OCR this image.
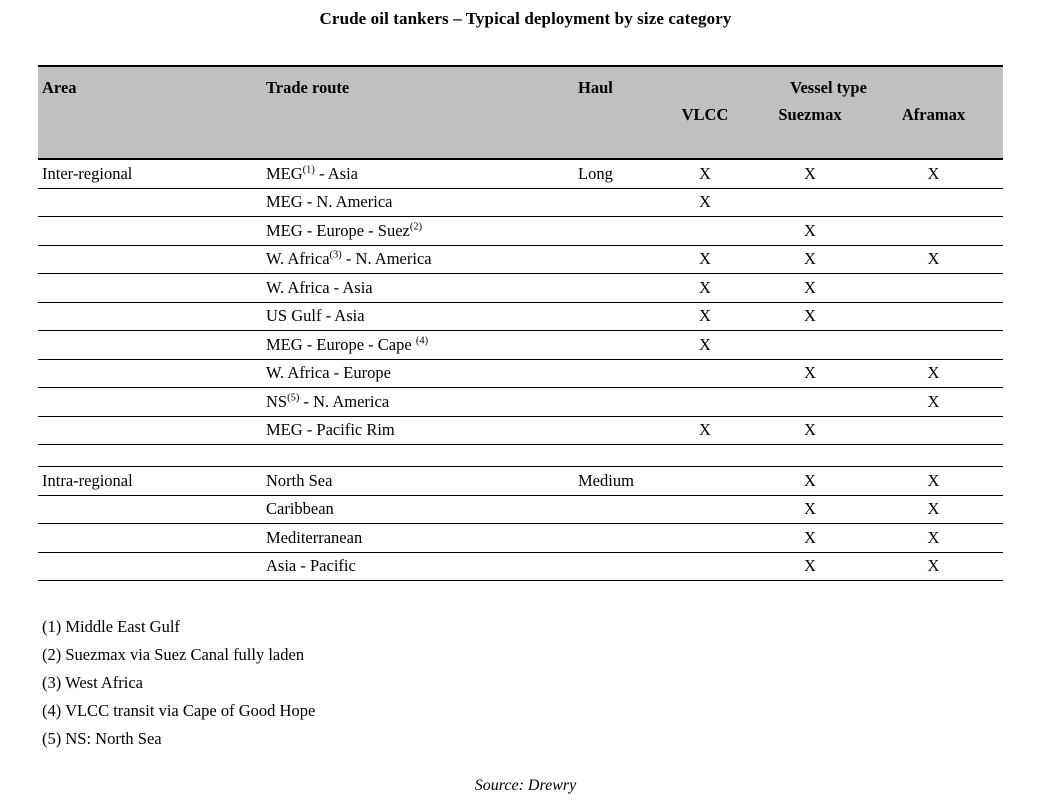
Crude oil tankers – Typical deployment by size category
Area	Trade route	Haul	Vessel type		
			VLCC	Suezmax	Aframax
Inter-regional	MEG$^{(1)}$ - Asia	Long	X	X	X
	MEG - N. America		X		
	MEG - Europe - Suez$^{(2)}$			X	
	W. Africa$^{(3)}$ - N. America		X	X	X
	W. Africa - Asia		X	X	
	US Gulf - Asia		X	X	
	MEG - Europe - Cape $^{(4)}$		X		
	W. Africa - Europe			X	X
	NS$^{(5)}$ - N. America				X
	MEG - Pacific Rim		X	X	

Intra-regional	North Sea	Medium		X	X
	Caribbean			X	X
	Mediterranean			X	X
	Asia - Pacific			X	X
(1) Middle East Gulf
(2) Suezmax via Suez Canal fully laden
(3) West Africa
(4) VLCC transit via Cape of Good Hope
(5) NS: North Sea
Source: Drewry
